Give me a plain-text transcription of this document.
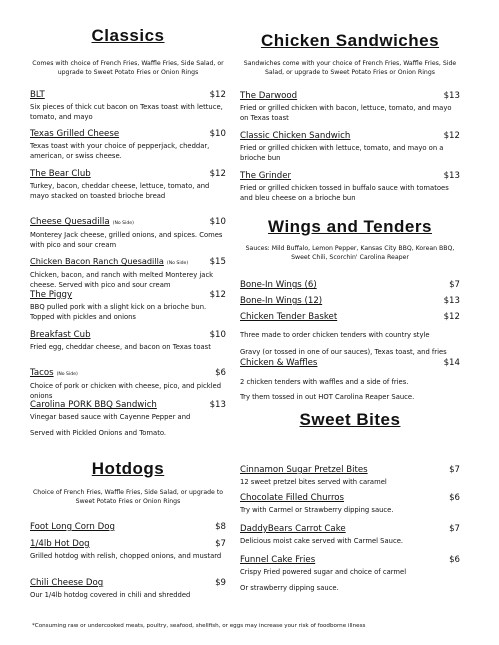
Classics

Comes with choice of French Fries, Waffle Fries, Side Salad, or upgrade to Sweet Potato Fries or Onion Rings

BLT	$12
Six pieces of thick cut bacon on Texas toast with lettuce, tomato, and mayo
Texas Grilled Cheese	$10
Texas toast with your choice of pepperjack, cheddar, american, or swiss cheese.
The Bear Club	$12
Turkey, bacon, cheddar cheese, lettuce, tomato, and mayo stacked on toasted brioche bread
Cheese Quesadilla (No Side)	$10
Monterey Jack cheese, grilled onions, and spices. Comes with pico and sour cream
Chicken Bacon Ranch Quesadilla (No Side) $15
Chicken, bacon, and ranch with melted Monterey jack cheese. Served with pico and sour cream
The Piggy	$12
BBQ pulled pork with a slight kick on a brioche bun. Topped with pickles and onions
Breakfast Cub	$10
Fried egg, cheddar cheese, and bacon on Texas toast
Tacos (No Side)	$6
Choice of pork or chicken with cheese, pico, and pickled onions
Carolina PORK BBQ Sandwich	$13
Vinegar based sauce with Cayenne Pepper and
Served with Pickled Onions and Tomato.
Hotdogs

Choice of French Fries, Waffle Fries, Side Salad, or upgrade to Sweet Potato Fries or Onion Rings

Foot Long Corn Dog	$8
1/4lb Hot Dog	$7
Grilled hotdog with relish, chopped onions, and mustard
Chili Cheese Dog	$9
Our 1/4lb hotdog covered in chili and shredded
Chicken Sandwiches

Sandwiches come with your choice of French Fries, Waffle Fries, Side Salad, or upgrade to Sweet Potato Fries or Onion Rings

The Darwood	$13
Fried or grilled chicken with bacon, lettuce, tomato, and mayo on Texas toast
Classic Chicken Sandwich	$12
Fried or grilled chicken with lettuce, tomato, and mayo on a brioche bun
The Grinder	$13
Fried or grilled chicken tossed in buffalo sauce with tomatoes and bleu cheese on a brioche bun
Wings and Tenders

Sauces: Mild Buffalo, Lemon Pepper, Kansas City BBQ, Korean BBQ, Sweet Chili, Scorchin' Carolina Reaper

Bone-In Wings (6)	$7
Bone-In Wings (12)	$13
Chicken Tender Basket	$12
Three made to order chicken tenders with country style
Gravy (or tossed in one of our sauces), Texas toast, and fries
Chicken & Waffles	$14
2 chicken tenders with waffles and a side of fries.
Try them tossed in out HOT Carolina Reaper Sauce.
Sweet Bites
Cinnamon Sugar Pretzel Bites	$7
12 sweet pretzel bites served with caramel
Chocolate Filled Churros	$6
Try with Carmel or Strawberry dipping sauce.
DaddyBears Carrot Cake	$7
Delicious moist cake served with Carmel Sauce.
Funnel Cake Fries	$6
Crispy Fried powered sugar and choice of carmel
Or strawberry dipping sauce.
*Consuming raw or undercooked meats, poultry, seafood, shellfish, or eggs may increase your risk of foodborne illness
